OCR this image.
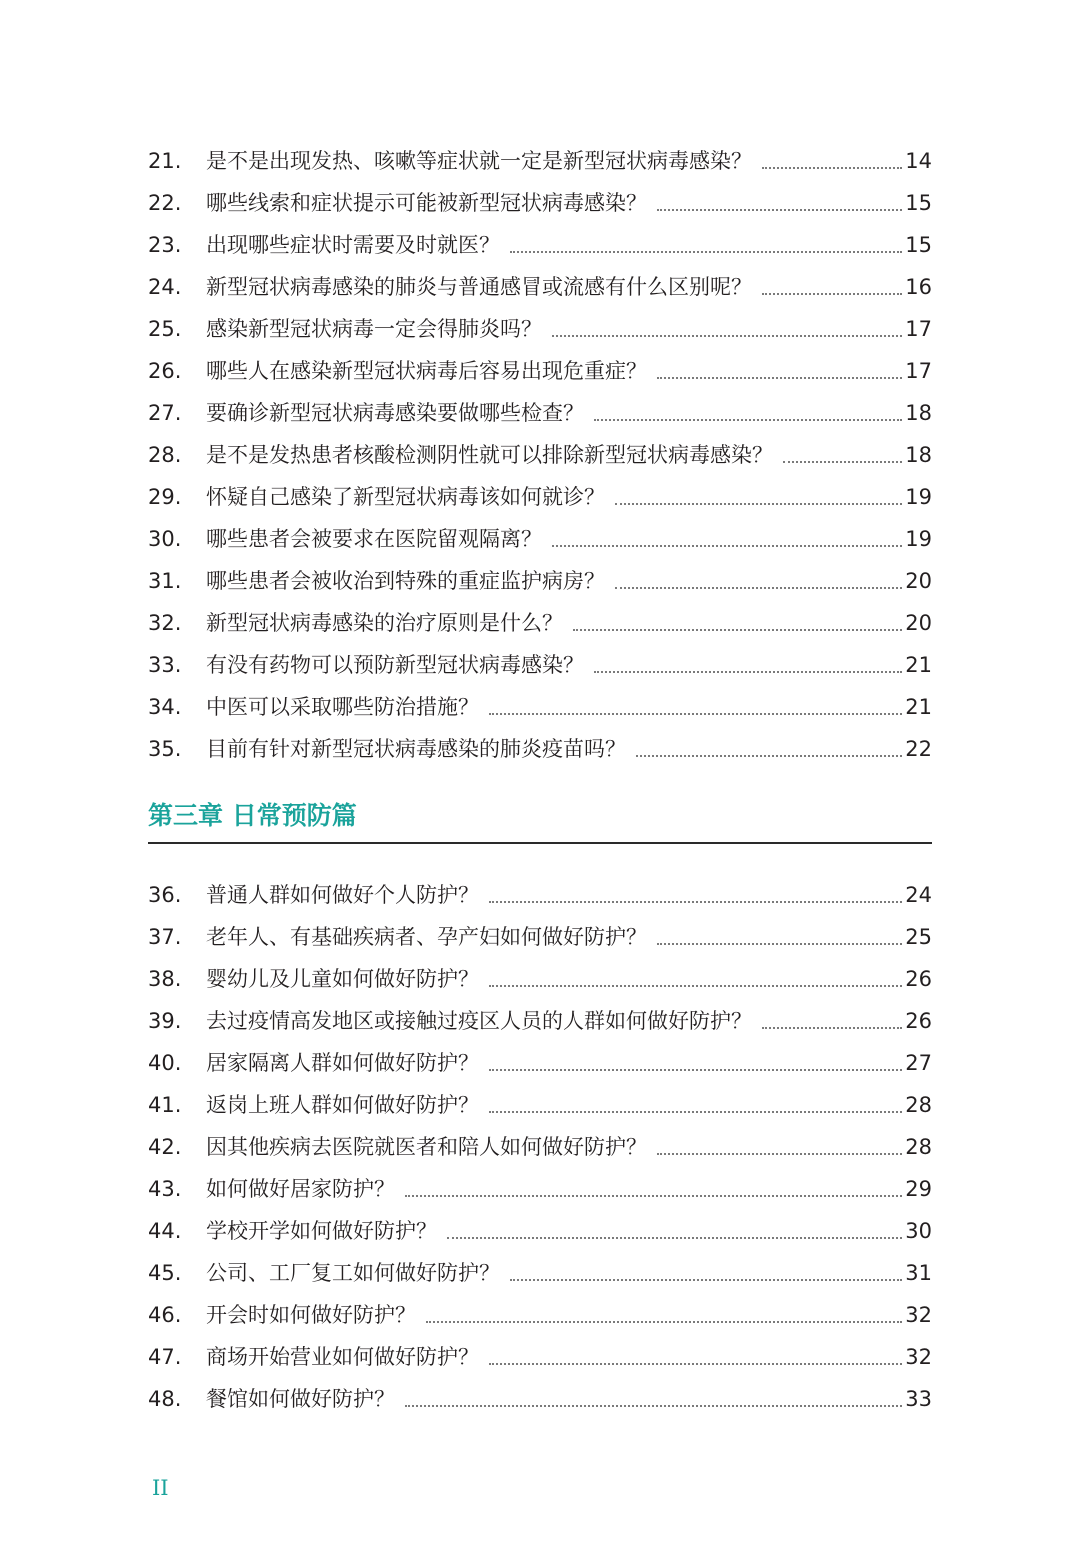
21.	是不是出现发热、咳嗽等症状就一定是新型冠状病毒感染？	14
22.	哪些线索和症状提示可能被新型冠状病毒感染？	15
23.	出现哪些症状时需要及时就医？	15
24.	新型冠状病毒感染的肺炎与普通感冒或流感有什么区别呢？	16
25.	感染新型冠状病毒一定会得肺炎吗？	17
26.	哪些人在感染新型冠状病毒后容易出现危重症？	17
27.	要确诊新型冠状病毒感染要做哪些检查？	18
28.	是不是发热患者核酸检测阴性就可以排除新型冠状病毒感染？	18
29.	怀疑自己感染了新型冠状病毒该如何就诊？	19
30.	哪些患者会被要求在医院留观隔离？	19
31.	哪些患者会被收治到特殊的重症监护病房？	20
32.	新型冠状病毒感染的治疗原则是什么？	20
33.	有没有药物可以预防新型冠状病毒感染？	21
34.	中医可以采取哪些防治措施？	21
35.	目前有针对新型冠状病毒感染的肺炎疫苗吗？	22
第三章 日常预防篇
36.	普通人群如何做好个人防护？	24
37.	老年人、有基础疾病者、孕产妇如何做好防护？	25
38.	婴幼儿及儿童如何做好防护？	26
39.	去过疫情高发地区或接触过疫区人员的人群如何做好防护？	26
40.	居家隔离人群如何做好防护？	27
41.	返岗上班人群如何做好防护？	28
42.	因其他疾病去医院就医者和陪人如何做好防护？	28
43.	如何做好居家防护？	29
44.	学校开学如何做好防护？	30
45.	公司、工厂复工如何做好防护？	31
46.	开会时如何做好防护？	32
47.	商场开始营业如何做好防护？	32
48.	餐馆如何做好防护？	33
II
